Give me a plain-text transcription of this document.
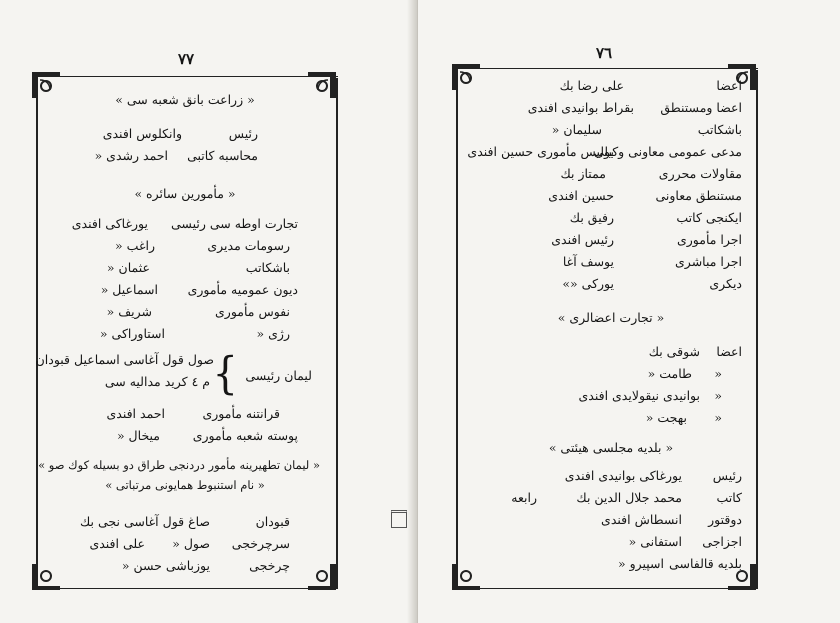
٧٧
« زراعت بانق شعبه سی »
رئیس
وانكلوس افندی
محاسبه كاتبی
احمد رشدی «
« مأمورین سائره »
تجارت اوطه سی رئیسی
یورغاكی افندی
رسومات مدیری
راغب «
باشكاتب
عثمان «
دیون عمومیه مأموری
اسماعیل «
نفوس مأموری
شریف «
رژی «
استاوراكی «
لیمان رئیسی
}
صول قول آغاسی اسماعیل قبودان
م ٤ كرید مدالیه سی
قرانتنه مأموری
احمد افندی
پوسته شعبه مأموری
میخال «
« لیمان تطهیرینه مأمور دردنجی طراق دو بسیله كوك صو »
« نام استنبوط همایونی مرتباتی »
قبودان
صاغ قول آغاسی نجی بك
سرچرخجی
صول «
علی افندی
چرخجی
یوزباشی حسن «
٧٦
اعضا
علی رضا بك
اعضا ومستنطق
بقراط بوانیدی افندی
باشكاتب
سلیمان «
مدعی عمومی معاونی وكیلی
بولیس مأموری حسین افندی
مقاولات محرری
ممتاز بك
مستنطق معاونی
حسین افندی
ایكنجی كاتب
رفیق بك
اجرا مأموری
رئیس افندی
اجرا مباشری
یوسف آغا
دیكری
یوركی «»
« تجارت اعضالری »
اعضا
شوقی بك
«
طامت «
«
بوانیدی نیقولایدی افندی
«
بهجت «
« بلدیه مجلسی هیئتی »
رئیس
یورغاكی بوانیدی افندی
كاتب
محمد جلال الدین بك
رابعه
دوقتور
انسطاش افندی
اجزاجی
استفانی «
بلدیه قالفاسی
اسپیرو «
